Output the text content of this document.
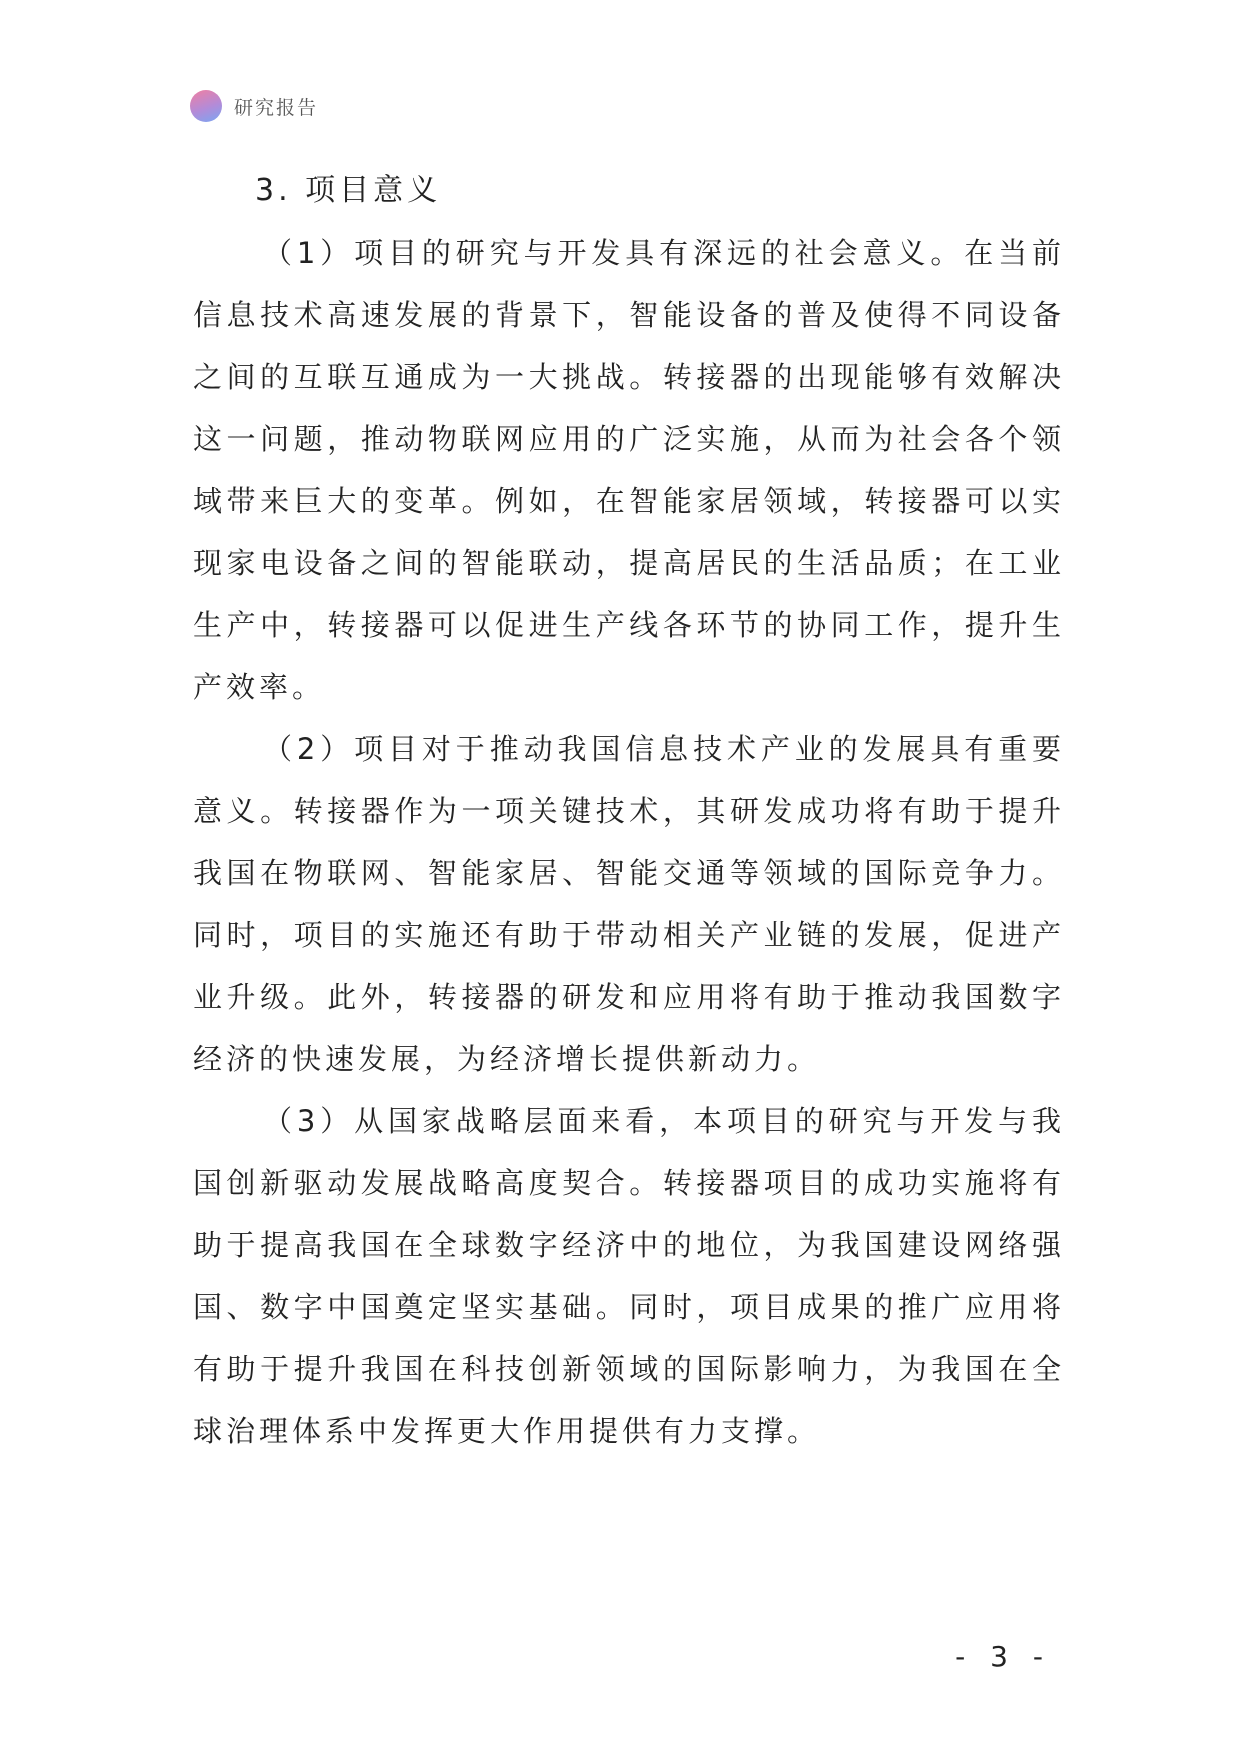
研究报告
3. 项目意义

（1）项目的研究与开发具有深远的社会意义。在当前信息技术高速发展的背景下，智能设备的普及使得不同设备之间的互联互通成为一大挑战。转接器的出现能够有效解决这一问题，推动物联网应用的广泛实施，从而为社会各个领域带来巨大的变革。例如，在智能家居领域，转接器可以实现家电设备之间的智能联动，提高居民的生活品质；在工业生产中，转接器可以促进生产线各环节的协同工作，提升生产效率。

（2）项目对于推动我国信息技术产业的发展具有重要意义。转接器作为一项关键技术，其研发成功将有助于提升我国在物联网、智能家居、智能交通等领域的国际竞争力。同时，项目的实施还有助于带动相关产业链的发展，促进产业升级。此外，转接器的研发和应用将有助于推动我国数字经济的快速发展，为经济增长提供新动力。

（3）从国家战略层面来看，本项目的研究与开发与我国创新驱动发展战略高度契合。转接器项目的成功实施将有助于提高我国在全球数字经济中的地位，为我国建设网络强国、数字中国奠定坚实基础。同时，项目成果的推广应用将有助于提升我国在科技创新领域的国际影响力，为我国在全球治理体系中发挥更大作用提供有力支撑。

- 3 -
